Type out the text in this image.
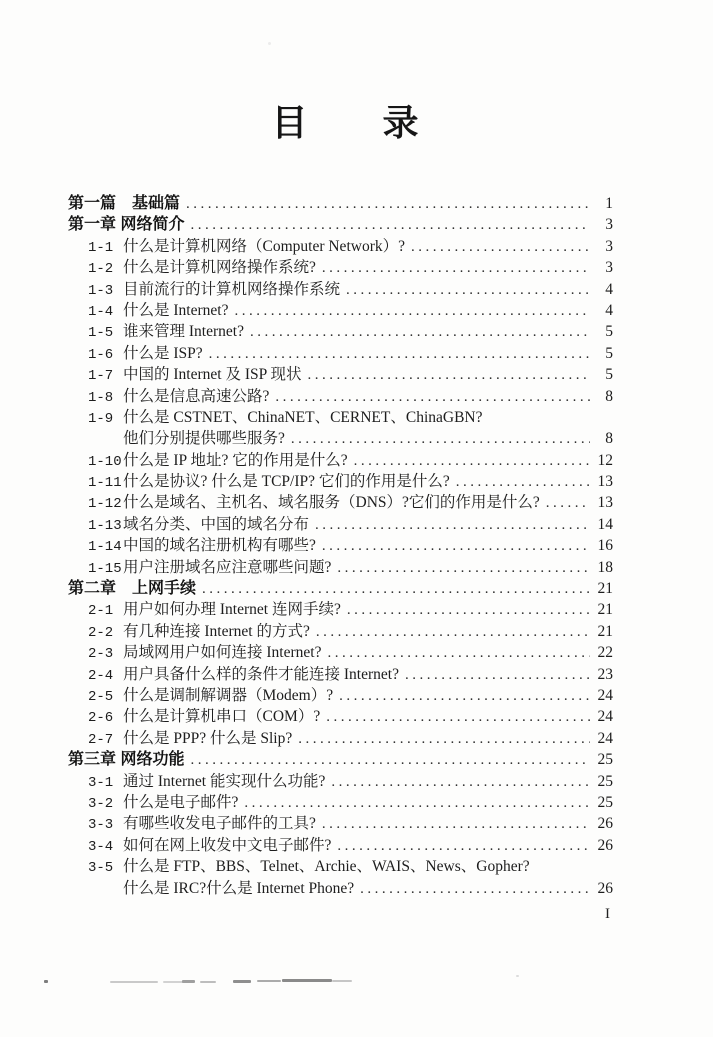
目　　录
第一篇　基础篇 .....	1
第一章 网络简介 .....	3
1-1 什么是计算机网络（Computer Network）? .....	3
1-2 什么是计算机网络操作系统? .....	3
1-3 目前流行的计算机网络操作系统 .....	4
1-4 什么是 Internet? .....	4
1-5 谁来管理 Internet? .....	5
1-6 什么是 ISP? .....	5
1-7 中国的 Internet 及 ISP 现状 .....	5
1-8 什么是信息高速公路? .....	8
1-9 什么是 CSTNET、ChinaNET、CERNET、ChinaGBN?
他们分别提供哪些服务? .....	8
1-10 什么是 IP 地址? 它的作用是什么? .....	12
1-11 什么是协议? 什么是 TCP/IP? 它们的作用是什么? .....	13
1-12 什么是域名、主机名、域名服务（DNS）?它们的作用是什么? .....	13
1-13 域名分类、中国的域名分布 .....	14
1-14 中国的域名注册机构有哪些? .....	16
1-15 用户注册域名应注意哪些问题? .....	18
第二章　上网手续 .....	21
2-1 用户如何办理 Internet 连网手续? .....	21
2-2 有几种连接 Internet 的方式? .....	21
2-3 局域网用户如何连接 Internet? .....	22
2-4 用户具备什么样的条件才能连接 Internet? .....	23
2-5 什么是调制解调器（Modem）? .....	24
2-6 什么是计算机串口（COM）? .....	24
2-7 什么是 PPP? 什么是 Slip? .....	24
第三章 网络功能 .....	25
3-1 通过 Internet 能实现什么功能? .....	25
3-2 什么是电子邮件? .....	25
3-3 有哪些收发电子邮件的工具? .....	26
3-4 如何在网上收发中文电子邮件? .....	26
3-5 什么是 FTP、BBS、Telnet、Archie、WAIS、News、Gopher?
什么是 IRC?什么是 Internet Phone? .....	26
I
